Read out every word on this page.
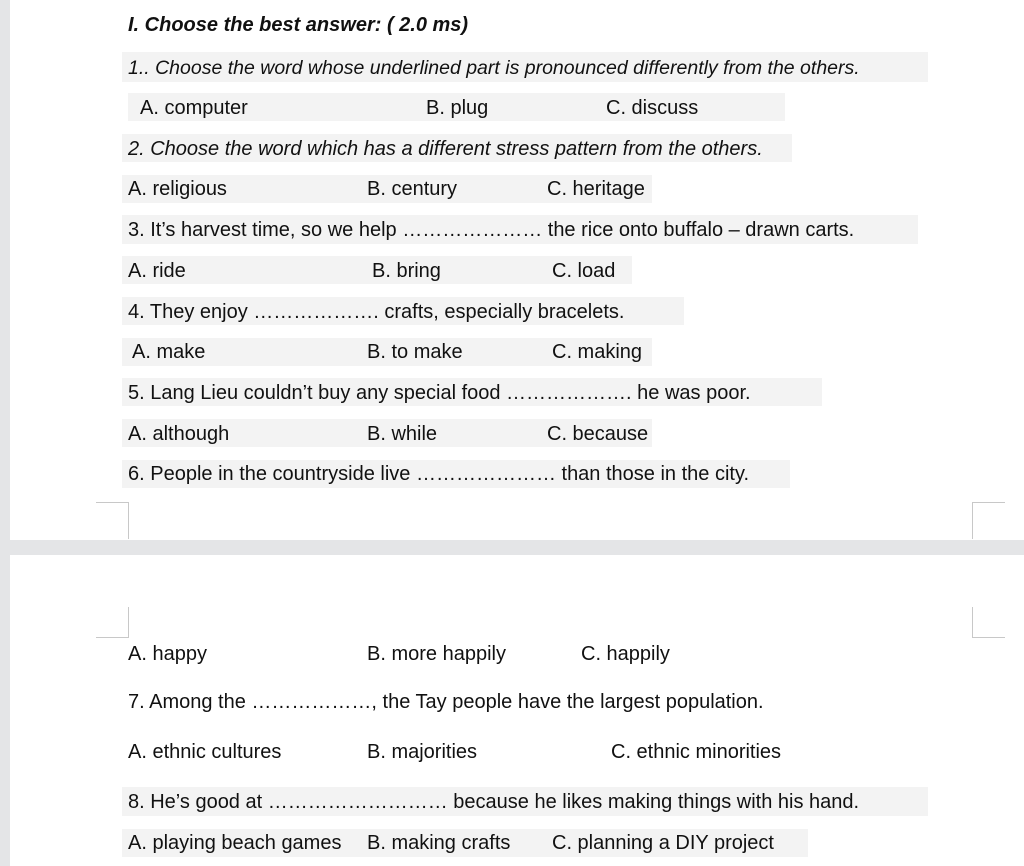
I. Choose the best answer: ( 2.0 ms)
1.. Choose the word whose underlined part is pronounced differently from the others.
A. computer	B. plug	C. discuss
2. Choose the word which has a different stress pattern from the others.
A. religious	B. century	C. heritage
3. It’s harvest time, so we help ………………… the rice onto buffalo – drawn carts.
A. ride	B. bring	C. load
4. They enjoy ………………. crafts, especially bracelets.
A. make	B. to make	C. making
5. Lang Lieu couldn’t buy any special food ………………. he was poor.
A. although	B. while	C. because
6. People in the countryside live ………………… than those in the city.
A. happy	B. more happily	C. happily
7. Among the ………………, the Tay people have the largest population.
A. ethnic cultures	B. majorities	C. ethnic minorities
8. He’s good at ……………………… because he likes making things with his hand.
A. playing beach games B. making crafts C. planning a DIY project
